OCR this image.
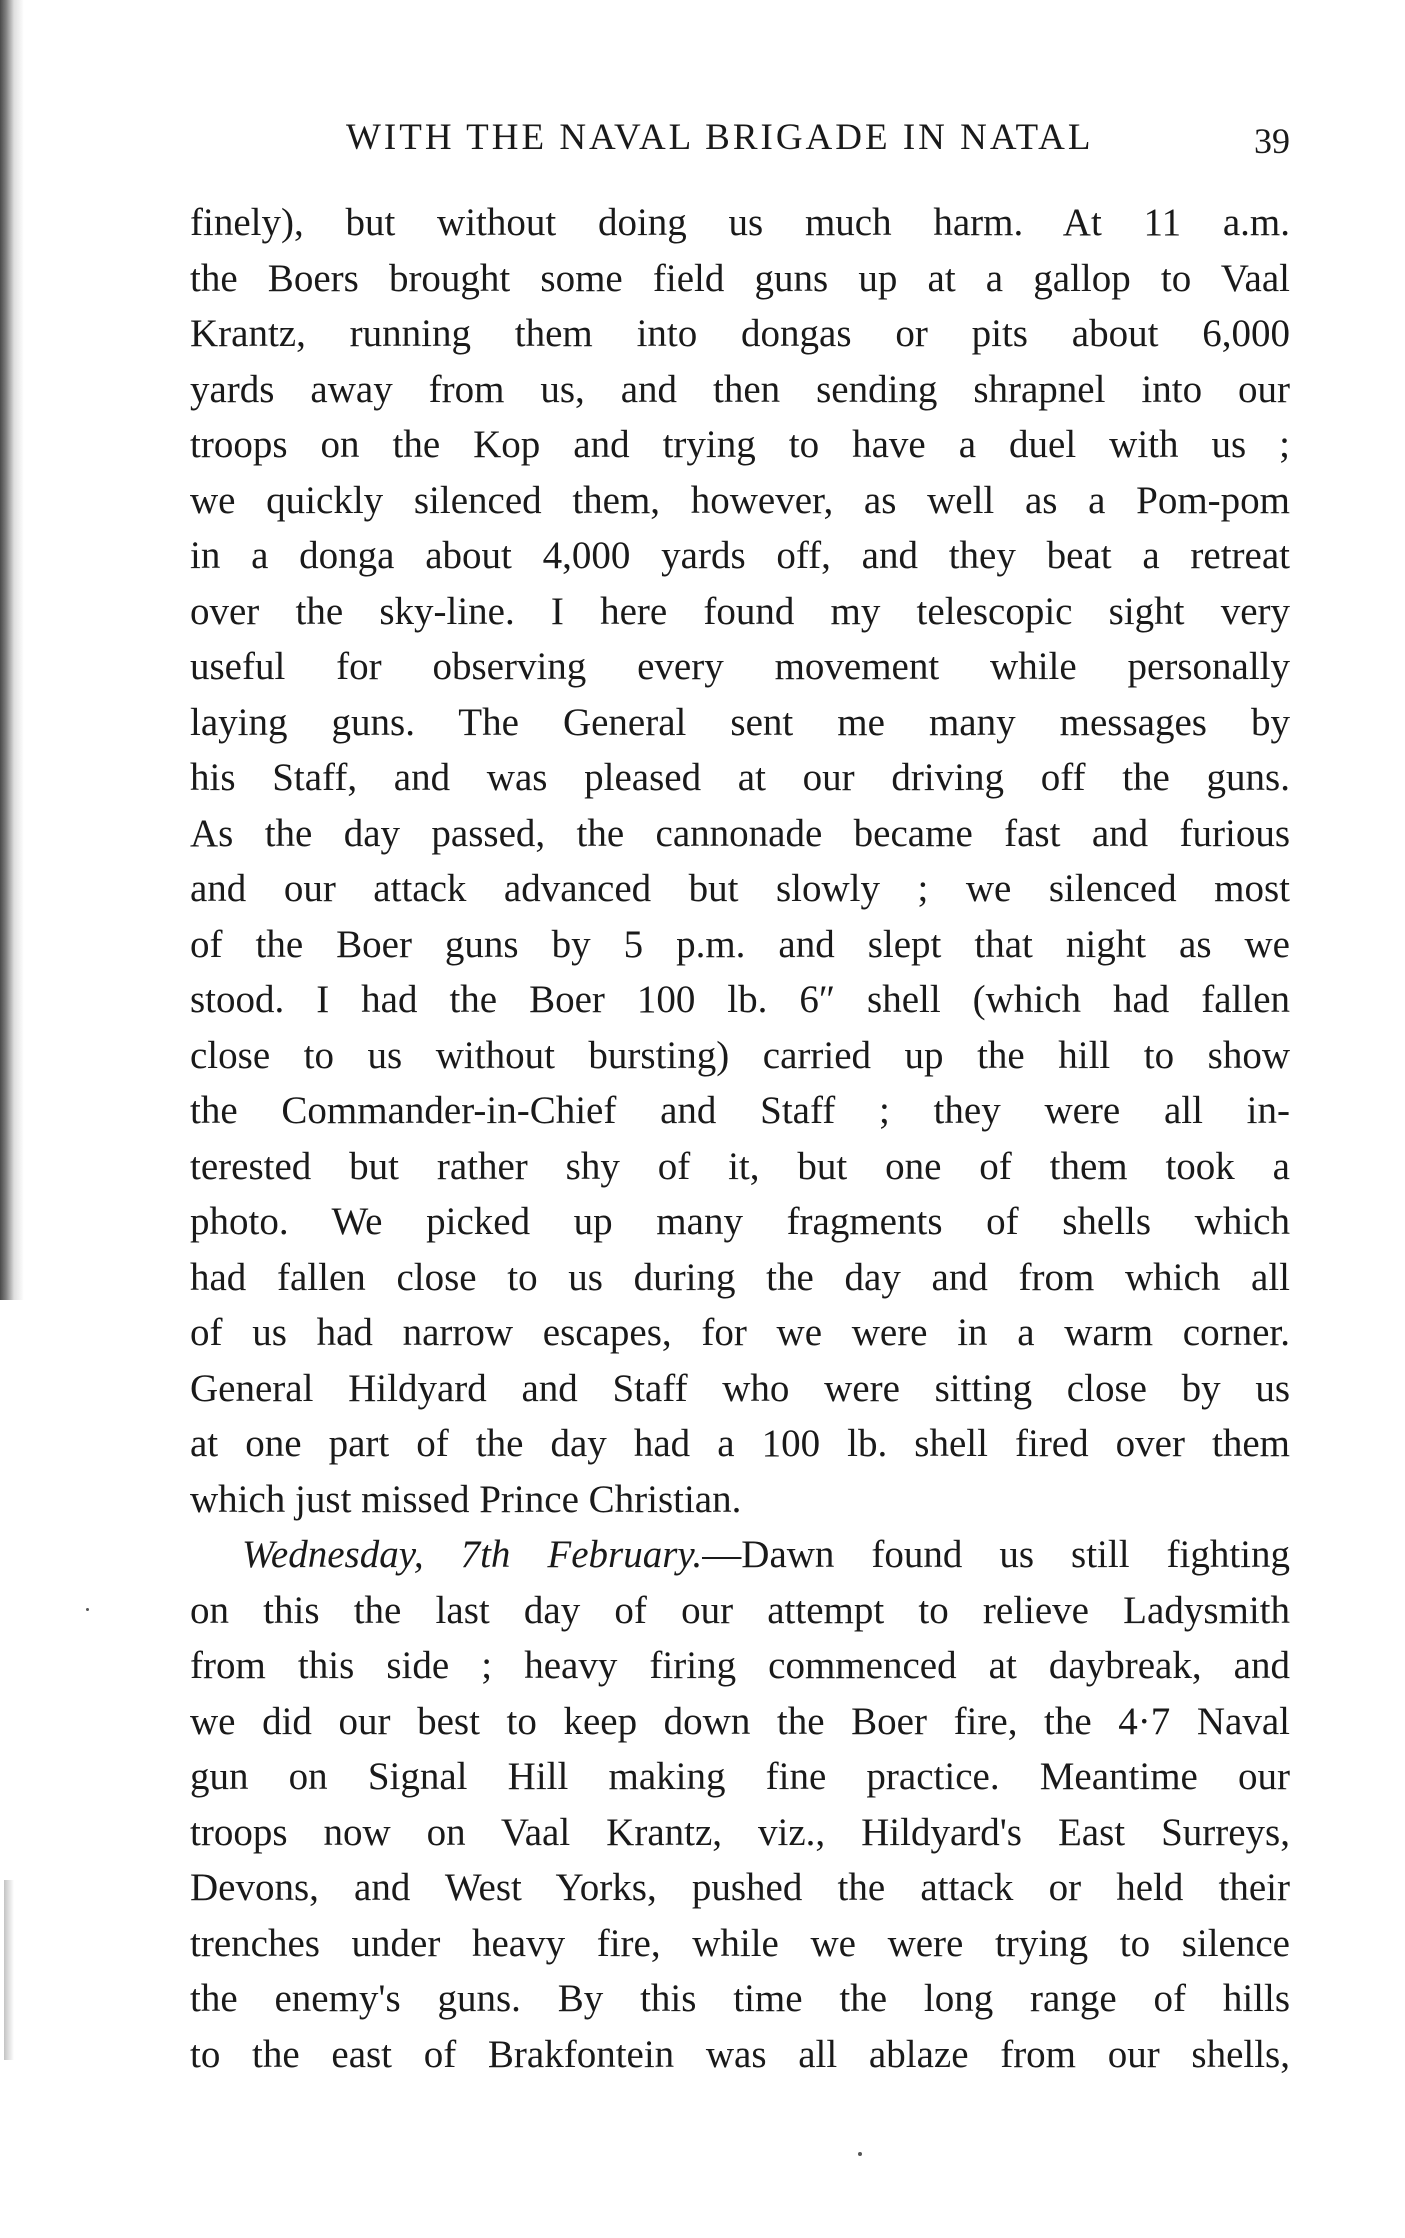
WITH THE NAVAL BRIGADE IN NATAL	39
finely), but without doing us much harm. At 11 a.m.
the Boers brought some field guns up at a gallop to Vaal
Krantz, running them into dongas or pits about 6,000
yards away from us, and then sending shrapnel into our
troops on the Kop and trying to have a duel with us ;
we quickly silenced them, however, as well as a Pom-pom
in a donga about 4,000 yards off, and they beat a retreat
over the sky-line. I here found my telescopic sight very
useful for observing every movement while personally
laying guns. The General sent me many messages by
his Staff, and was pleased at our driving off the guns.
As the day passed, the cannonade became fast and furious
and our attack advanced but slowly ; we silenced most
of the Boer guns by 5 p.m. and slept that night as we
stood. I had the Boer 100 lb. 6″ shell (which had fallen
close to us without bursting) carried up the hill to show
the Commander-in-Chief and Staff ; they were all in-
terested but rather shy of it, but one of them took a
photo. We picked up many fragments of shells which
had fallen close to us during the day and from which all
of us had narrow escapes, for we were in a warm corner.
General Hildyard and Staff who were sitting close by us
at one part of the day had a 100 lb. shell fired over them
which just missed Prince Christian.
Wednesday, 7th February.—Dawn found us still fighting
on this the last day of our attempt to relieve Ladysmith
from this side ; heavy firing commenced at daybreak, and
we did our best to keep down the Boer fire, the 4·7 Naval
gun on Signal Hill making fine practice. Meantime our
troops now on Vaal Krantz, viz., Hildyard's East Surreys,
Devons, and West Yorks, pushed the attack or held their
trenches under heavy fire, while we were trying to silence
the enemy's guns. By this time the long range of hills
to the east of Brakfontein was all ablaze from our shells,
